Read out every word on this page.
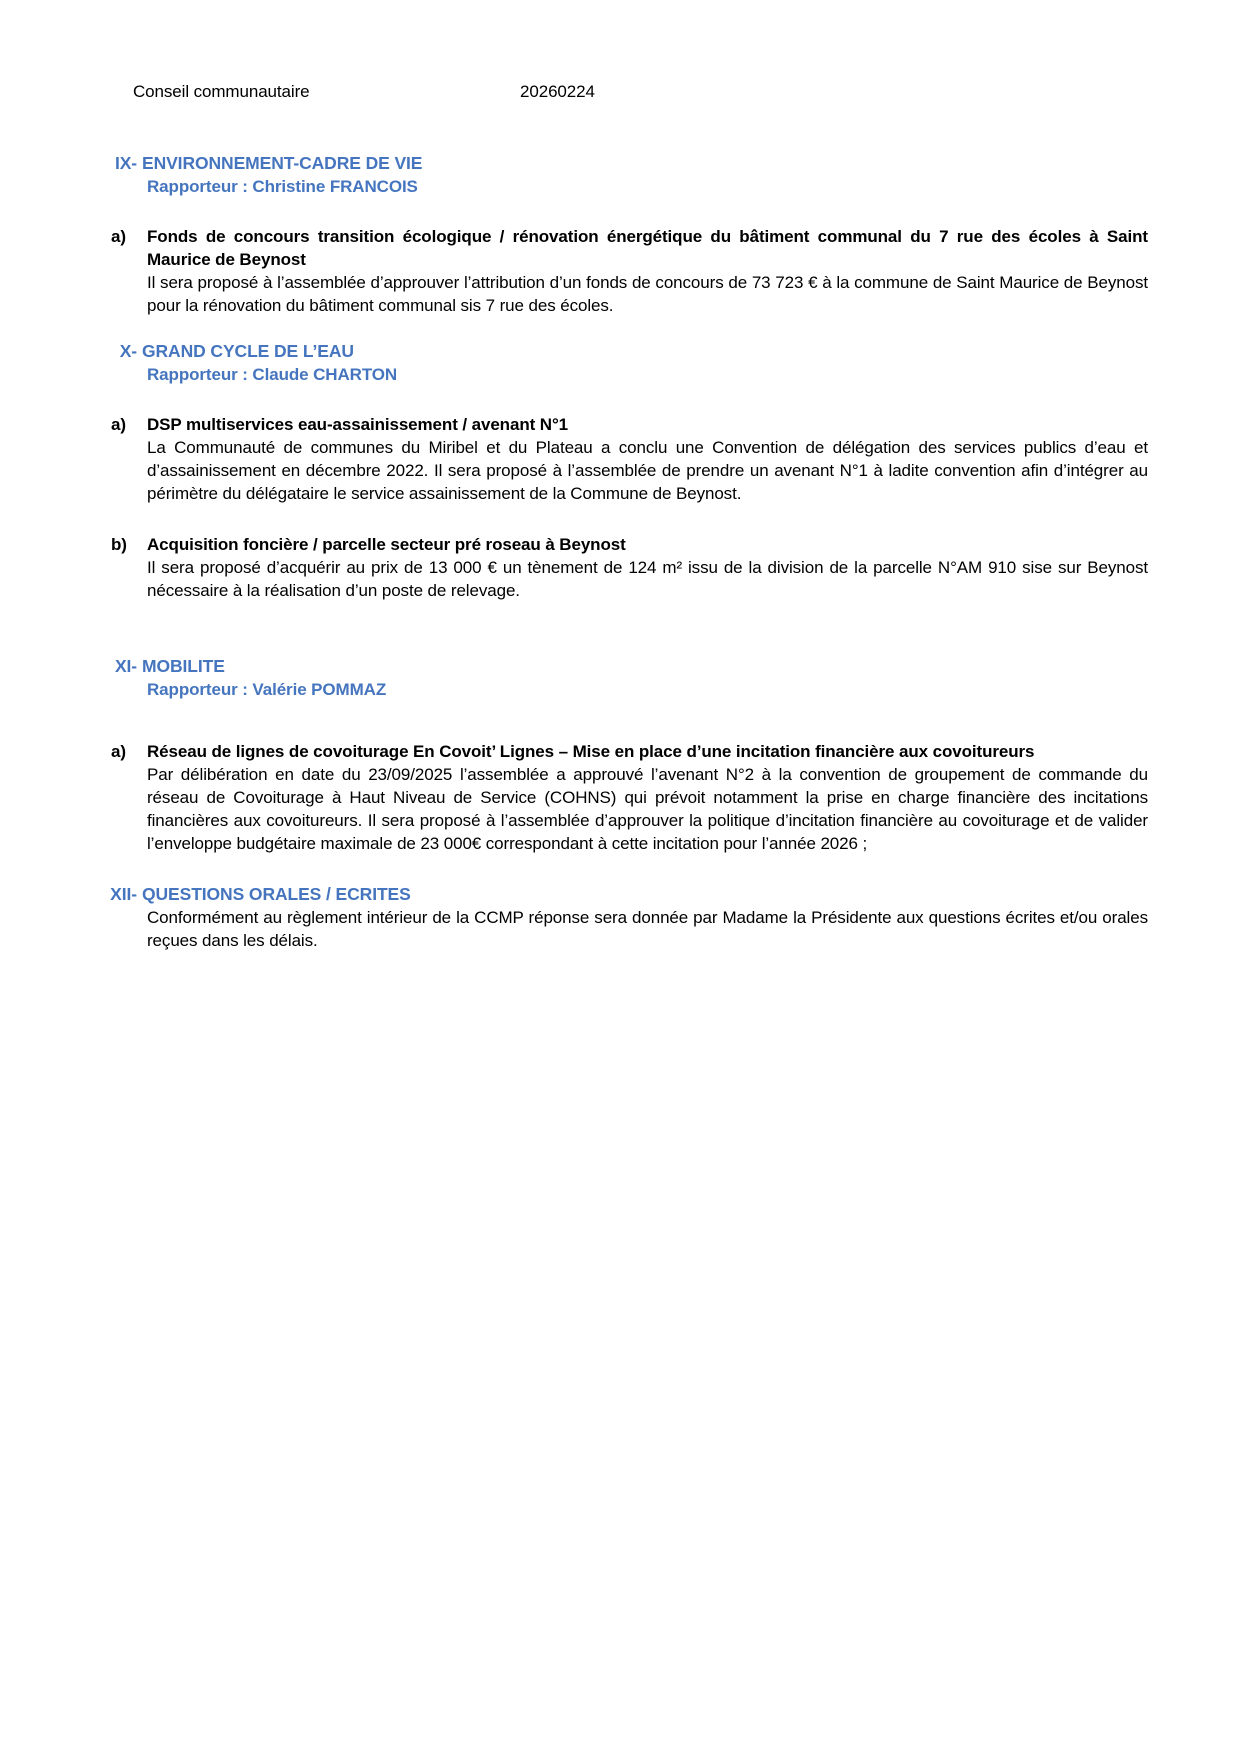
Conseil communautaire	20260224
IX- ENVIRONNEMENT-CADRE DE VIE

Rapporteur : Christine FRANCOIS

a)	Fonds de concours transition écologique / rénovation énergétique du bâtiment communal du 7 rue des écoles à Saint Maurice de Beynost

Il sera proposé à l’assemblée d’approuver l’attribution d’un fonds de concours de 73 723 € à la commune de Saint Maurice de Beynost pour la rénovation du bâtiment communal sis 7 rue des écoles.

X- GRAND CYCLE DE L’EAU

Rapporteur : Claude CHARTON

a)	DSP multiservices eau-assainissement / avenant N°1

La Communauté de communes du Miribel et du Plateau a conclu une Convention de délégation des services publics d’eau et d’assainissement en décembre 2022. Il sera proposé à l’assemblée de prendre un avenant N°1 à ladite convention afin d’intégrer au périmètre du délégataire le service assainissement de la Commune de Beynost.

b)	Acquisition foncière / parcelle secteur pré roseau à Beynost

Il sera proposé d’acquérir au prix de 13 000 € un tènement de 124 m² issu de la division de la parcelle N°AM 910 sise sur Beynost nécessaire à la réalisation d’un poste de relevage.

XI- MOBILITE

Rapporteur : Valérie POMMAZ

a)	Réseau de lignes de covoiturage En Covoit’ Lignes – Mise en place d’une incitation financière aux covoitureurs

Par délibération en date du 23/09/2025 l’assemblée a approuvé l’avenant N°2 à la convention de groupement de commande du réseau de Covoiturage à Haut Niveau de Service (COHNS) qui prévoit notamment la prise en charge financière des incitations financières aux covoitureurs. Il sera proposé à l’assemblée d’approuver la politique d’incitation financière au covoiturage et de valider l’enveloppe budgétaire maximale de 23 000€ correspondant à cette incitation pour l’année 2026 ;

XII- QUESTIONS ORALES / ECRITES

Conformément au règlement intérieur de la CCMP réponse sera donnée par Madame la Présidente aux questions écrites et/ou orales reçues dans les délais.
